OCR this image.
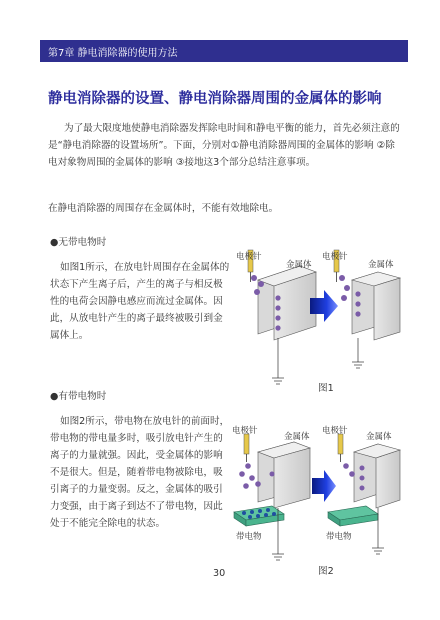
第7章 静电消除器的使用方法
静电消除器的设置、静电消除器周围的金属体的影响
为了最大限度地使静电消除器发挥除电时间和静电平衡的能力，首先必须注意的是“静电消除器的设置场所”。下面，分别对①静电消除器周围的金属体的影响 ②除电对象物周围的金属体的影响 ③接地这3个部分总结注意事项。
在静电消除器的周围存在金属体时，不能有效地除电。
●无带电物时
如图1所示，在放电针周围存在金属体的状态下产生离子后，产生的离子与相反极性的电荷会因静电感应而流过金属体。因此，从放电针产生的离子最终被吸引到金属体上。
●有带电物时
如图2所示，带电物在放电针的前面时，带电物的带电量多时，吸引放电针产生的离子的力量就强。因此，受金属体的影响不是很大。但是，随着带电物被除电，吸引离子的力量变弱。反之，金属体的吸引力变强，由于离子到达不了带电物，因此处于不能完全除电的状态。
电极针
金属体
电极针
金属体
图1
电极针
金属体
电极针
金属体
带电物	带电物
图2
30
